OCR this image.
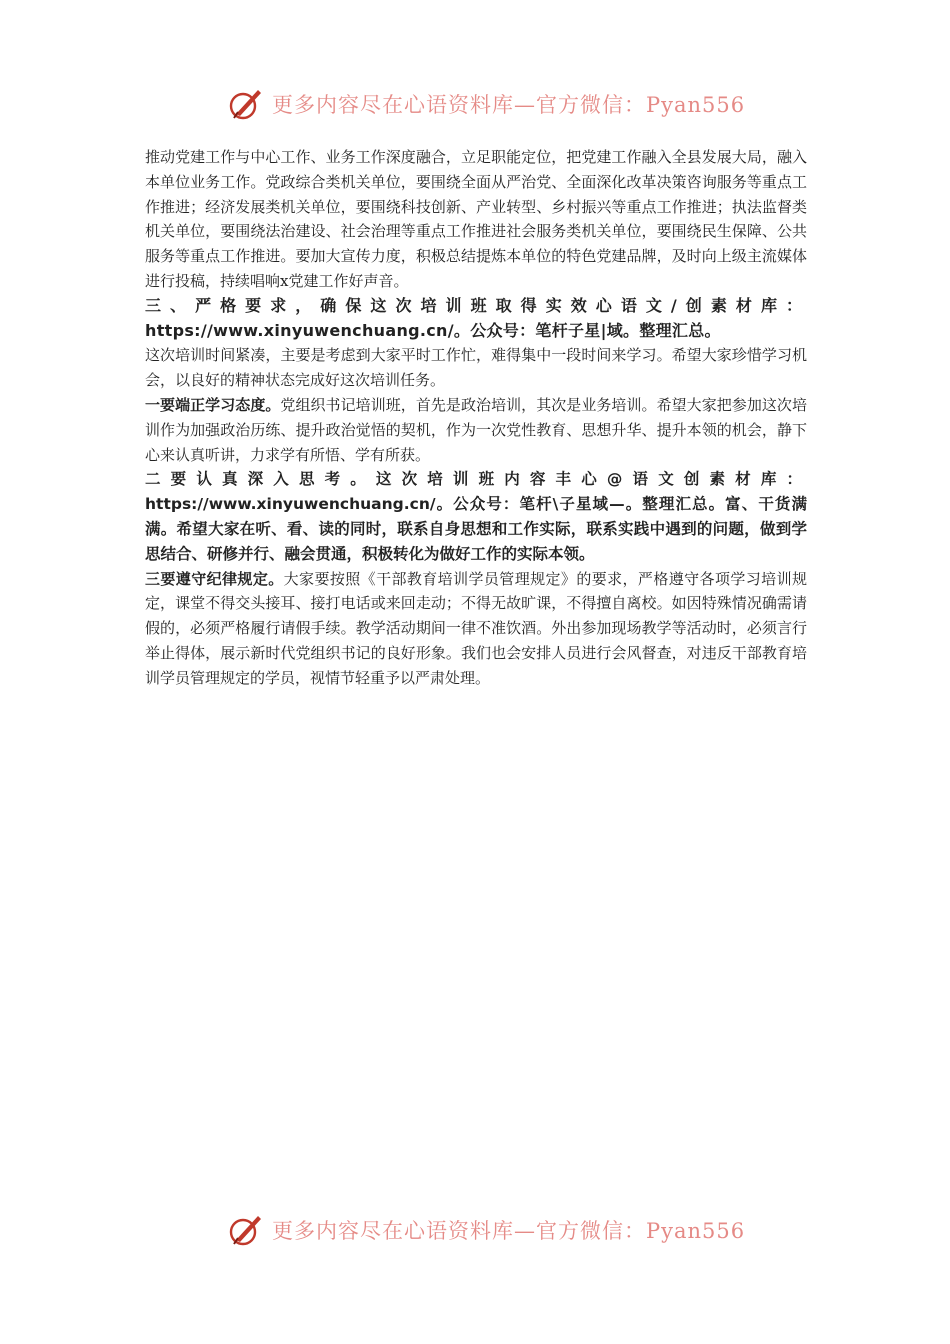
更多内容尽在心语资料库—官方微信：Pyan556

推动党建工作与中心工作、业务工作深度融合，立足职能定位，把党建工作融入全县发展大局，融入本单位业务工作。党政综合类机关单位，要围绕全面从严治党、全面深化改革决策咨询服务等重点工作推进；经济发展类机关单位，要围绕科技创新、产业转型、乡村振兴等重点工作推进；执法监督类机关单位，要围绕法治建设、社会治理等重点工作推进社会服务类机关单位，要围绕民生保障、公共服务等重点工作推进。要加大宣传力度，积极总结提炼本单位的特色党建品牌，及时向上级主流媒体进行投稿，持续唱响x党建工作好声音。

三、严格要求，确保这次培训班取得实效心语文/创素材库：https://www.xinyuwenchuang.cn/。公众号：笔杆子星|域。整理汇总。

这次培训时间紧凑，主要是考虑到大家平时工作忙，难得集中一段时间来学习。希望大家珍惜学习机会，以良好的精神状态完成好这次培训任务。

一要端正学习态度。党组织书记培训班，首先是政治培训，其次是业务培训。希望大家把参加这次培训作为加强政治历练、提升政治觉悟的契机，作为一次党性教育、思想升华、提升本领的机会，静下心来认真听讲，力求学有所悟、学有所获。

二要认真深入思考。这次培训班内容丰心@语文创素材库：https://www.xinyuwenchuang.cn/。公众号：笔杆\子星域—。整理汇总。富、干货满满。希望大家在听、看、读的同时，联系自身思想和工作实际，联系实践中遇到的问题，做到学思结合、研修并行、融会贯通，积极转化为做好工作的实际本领。

三要遵守纪律规定。大家要按照《干部教育培训学员管理规定》的要求，严格遵守各项学习培训规定，课堂不得交头接耳、接打电话或来回走动；不得无故旷课，不得擅自离校。如因特殊情况确需请假的，必须严格履行请假手续。教学活动期间一律不准饮酒。外出参加现场教学等活动时，必须言行举止得体，展示新时代党组织书记的良好形象。我们也会安排人员进行会风督查，对违反干部教育培训学员管理规定的学员，视情节轻重予以严肃处理。

更多内容尽在心语资料库—官方微信：Pyan556
